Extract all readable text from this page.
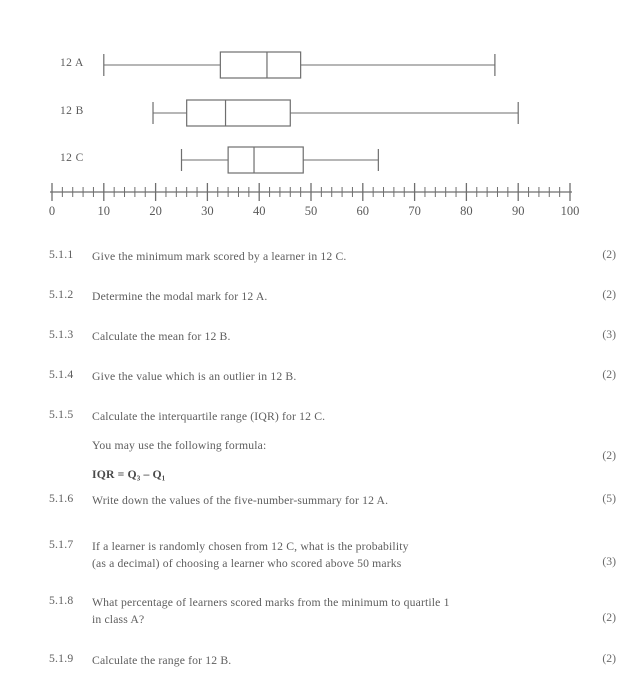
12 A
12 B
12 C
0	10	20	30	40	50	60	70	80	90	100
5.1.1 Give the minimum mark scored by a learner in 12 C.	(2)
5.1.2 Determine the modal mark for 12 A.	(2)
5.1.3 Calculate the mean for 12 B.	(3)
5.1.4 Give the value which is an outlier in 12 B.	(2)
5.1.5 Calculate the interquartile range (IQR) for 12 C.
You may use the following formula:
IQR = Q₃ – Q₁
(2)
5.1.6 Write down the values of the five-number-summary for 12 A.	(5)
5.1.7 If a learner is randomly chosen from 12 C, what is the probability
(as a decimal) of choosing a learner who scored above 50 marks	(3)
5.1.8 What percentage of learners scored marks from the minimum to quartile 1
in class A?	(2)
5.1.9 Calculate the range for 12 B.	(2)
